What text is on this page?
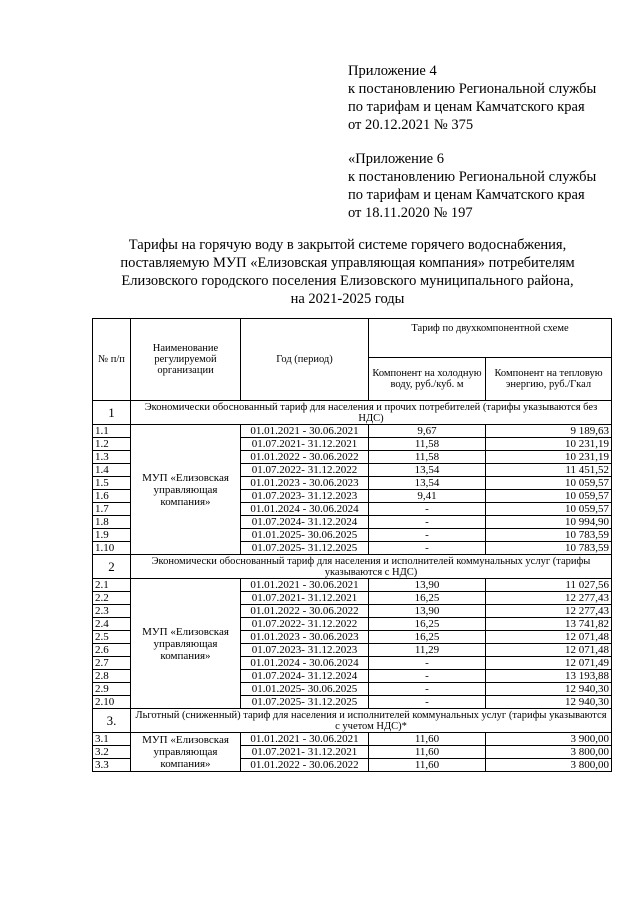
Приложение 4
к постановлению Региональной службы
по тарифам и ценам Камчатского края
от 20.12.2021 № 375
«Приложение 6
к постановлению Региональной службы
по тарифам и ценам Камчатского края
от 18.11.2020 № 197
Тарифы на горячую воду в закрытой системе горячего водоснабжения,
поставляемую МУП «Елизовская управляющая компания» потребителям
Елизовского городского поселения Елизовского муниципального района,
на 2021-2025 годы
№ п/п	Наименование регулируемой организации	Год (период)	Тариф по двухкомпонентной схеме	
			Компонент на холодную воду, руб./куб. м	Компонент на тепловую энергию, руб./Гкал
1	Экономически обоснованный тариф для населения и прочих потребителей (тарифы указываются без НДС)			
1.1	МУП «Елизовская управляющая компания»	01.01.2021 - 30.06.2021	9,67	9 189,63
1.2		01.07.2021- 31.12.2021	11,58	10 231,19
1.3		01.01.2022 - 30.06.2022	11,58	10 231,19
1.4		01.07.2022- 31.12.2022	13,54	11 451,52
1.5		01.01.2023 - 30.06.2023	13,54	10 059,57
1.6		01.07.2023- 31.12.2023	9,41	10 059,57
1.7		01.01.2024 - 30.06.2024	-	10 059,57
1.8		01.07.2024- 31.12.2024	-	10 994,90
1.9		01.01.2025- 30.06.2025	-	10 783,59
1.10		01.07.2025- 31.12.2025	-	10 783,59
2	Экономически обоснованный тариф для населения и исполнителей коммунальных услуг (тарифы указываются с НДС)			
2.1	МУП «Елизовская управляющая компания»	01.01.2021 - 30.06.2021	13,90	11 027,56
2.2		01.07.2021- 31.12.2021	16,25	12 277,43
2.3		01.01.2022 - 30.06.2022	13,90	12 277,43
2.4		01.07.2022- 31.12.2022	16,25	13 741,82
2.5		01.01.2023 - 30.06.2023	16,25	12 071,48
2.6		01.07.2023- 31.12.2023	11,29	12 071,48
2.7		01.01.2024 - 30.06.2024	-	12 071,49
2.8		01.07.2024- 31.12.2024	-	13 193,88
2.9		01.01.2025- 30.06.2025	-	12 940,30
2.10		01.07.2025- 31.12.2025	-	12 940,30
3.	Льготный (сниженный) тариф для населения и исполнителей коммунальных услуг (тарифы указываются с учетом НДС)*			
3.1	МУП «Елизовская управляющая компания»	01.01.2021 - 30.06.2021	11,60	3 900,00
3.2		01.07.2021- 31.12.2021	11,60	3 800,00
3.3		01.01.2022 - 30.06.2022	11,60	3 800,00
